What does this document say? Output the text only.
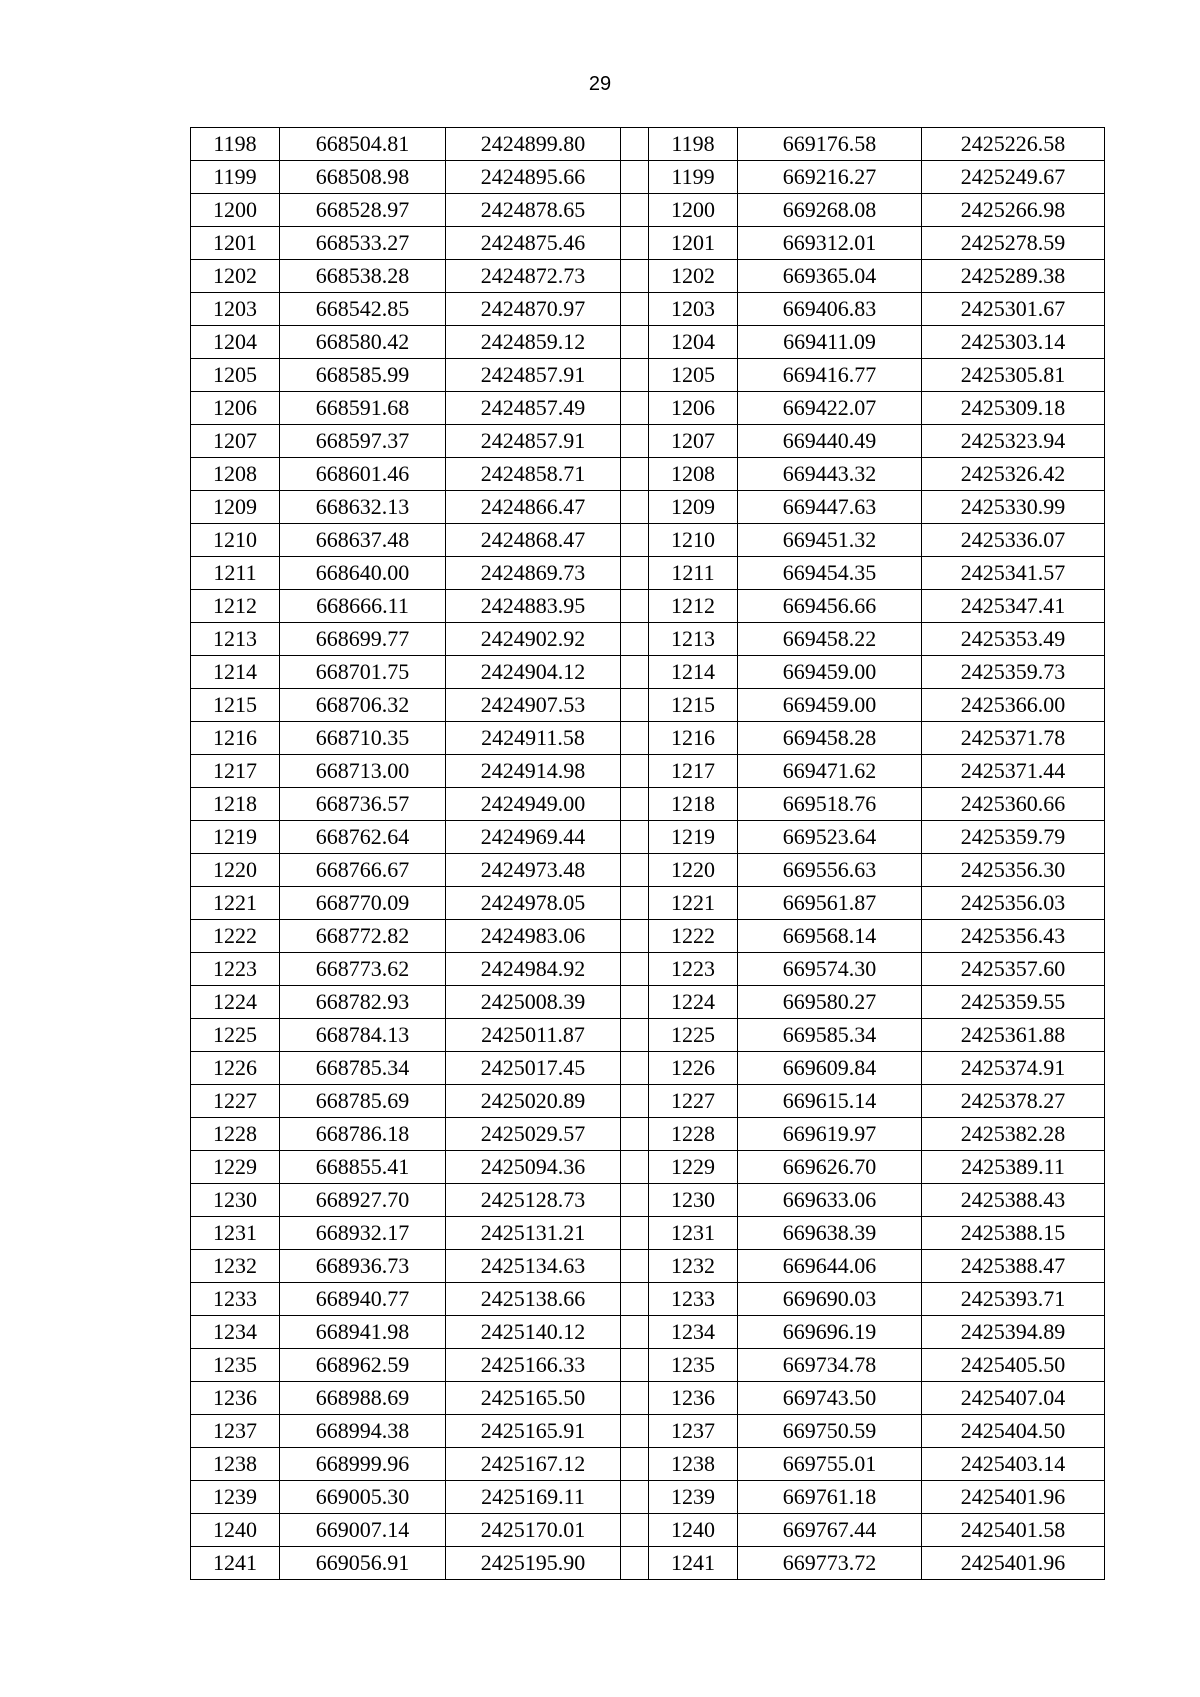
29
1198	668504.81	2424899.80		1198	669176.58	2425226.58
1199	668508.98	2424895.66		1199	669216.27	2425249.67
1200	668528.97	2424878.65		1200	669268.08	2425266.98
1201	668533.27	2424875.46		1201	669312.01	2425278.59
1202	668538.28	2424872.73		1202	669365.04	2425289.38
1203	668542.85	2424870.97		1203	669406.83	2425301.67
1204	668580.42	2424859.12		1204	669411.09	2425303.14
1205	668585.99	2424857.91		1205	669416.77	2425305.81
1206	668591.68	2424857.49		1206	669422.07	2425309.18
1207	668597.37	2424857.91		1207	669440.49	2425323.94
1208	668601.46	2424858.71		1208	669443.32	2425326.42
1209	668632.13	2424866.47		1209	669447.63	2425330.99
1210	668637.48	2424868.47		1210	669451.32	2425336.07
1211	668640.00	2424869.73		1211	669454.35	2425341.57
1212	668666.11	2424883.95		1212	669456.66	2425347.41
1213	668699.77	2424902.92		1213	669458.22	2425353.49
1214	668701.75	2424904.12		1214	669459.00	2425359.73
1215	668706.32	2424907.53		1215	669459.00	2425366.00
1216	668710.35	2424911.58		1216	669458.28	2425371.78
1217	668713.00	2424914.98		1217	669471.62	2425371.44
1218	668736.57	2424949.00		1218	669518.76	2425360.66
1219	668762.64	2424969.44		1219	669523.64	2425359.79
1220	668766.67	2424973.48		1220	669556.63	2425356.30
1221	668770.09	2424978.05		1221	669561.87	2425356.03
1222	668772.82	2424983.06		1222	669568.14	2425356.43
1223	668773.62	2424984.92		1223	669574.30	2425357.60
1224	668782.93	2425008.39		1224	669580.27	2425359.55
1225	668784.13	2425011.87		1225	669585.34	2425361.88
1226	668785.34	2425017.45		1226	669609.84	2425374.91
1227	668785.69	2425020.89		1227	669615.14	2425378.27
1228	668786.18	2425029.57		1228	669619.97	2425382.28
1229	668855.41	2425094.36		1229	669626.70	2425389.11
1230	668927.70	2425128.73		1230	669633.06	2425388.43
1231	668932.17	2425131.21		1231	669638.39	2425388.15
1232	668936.73	2425134.63		1232	669644.06	2425388.47
1233	668940.77	2425138.66		1233	669690.03	2425393.71
1234	668941.98	2425140.12		1234	669696.19	2425394.89
1235	668962.59	2425166.33		1235	669734.78	2425405.50
1236	668988.69	2425165.50		1236	669743.50	2425407.04
1237	668994.38	2425165.91		1237	669750.59	2425404.50
1238	668999.96	2425167.12		1238	669755.01	2425403.14
1239	669005.30	2425169.11		1239	669761.18	2425401.96
1240	669007.14	2425170.01		1240	669767.44	2425401.58
1241	669056.91	2425195.90		1241	669773.72	2425401.96
